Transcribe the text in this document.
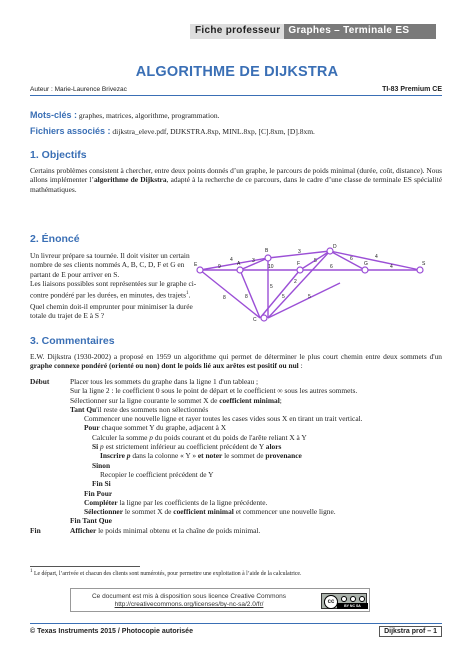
Fiche professeur Graphes – Terminale ES
ALGORITHME DE DIJKSTRA
Auteur : Marie-Laurence Brivezac	TI-83 Premium CE
Mots-clés : graphes, matrices, algorithme, programmation.
Fichiers associés : dijkstra_eleve.pdf, DIJKSTRA.8xp, MINL.8xp, [C].8xm, [D].8xm.
1. Objectifs
Certains problèmes consistent à chercher, entre deux points donnés d’un graphe, le parcours de poids minimal (durée, coût, distance). Nous allons implémenter l’algorithme de Dijkstra, adapté à la recherche de ce parcours, dans le cadre d’une classe de terminale ES spécialité mathématiques.
2. Énoncé

Un livreur prépare sa tournée. Il doit visiter un certain nombre de ses clients nommés A, B, C, D, F et G en partant de E pour arriver en S.

Les liaisons possibles sont représentées sur le graphe ci-contre pondéré par les durées, en minutes, des trajets$^1$.

Quel chemin doit-il emprunter pour minimiser la durée totale du trajet de E à S ?

E	A
B
C
D
F	G	S
4
9
8
3
3
10
8
5
5
2
5
6
6	4
4
5
3. Commentaires
E.W. Dijkstra (1930-2002) a proposé en 1959 un algorithme qui permet de déterminer le plus court chemin entre deux sommets d'un graphe connexe pondéré (orienté ou non) dont le poids lié aux arêtes est positif ou nul :
Début	Placer tous les sommets du graphe dans la ligne 1 d'un tableau ;
Sur la ligne 2 : le coefficient 0 sous le point de départ et le coefficient ∞ sous les autres sommets.
Sélectionner sur la ligne courante le sommet X de coefficient minimal;
Tant Qu'il reste des sommets non sélectionnés
Commencer une nouvelle ligne et rayer toutes les cases vides sous X en tirant un trait vertical.
Pour chaque sommet Y du graphe, adjacent à X
Calculer la somme p du poids courant et du poids de l'arête reliant X à Y
Si p est strictement inférieur au coefficient précédent de Y alors
Inscrire p dans la colonne « Y » et noter le sommet de provenance
Sinon
Recopier le coefficient précédent de Y
Fin Si
Fin Pour
Compléter la ligne par les coefficients de la ligne précédente.
Sélectionner le sommet X de coefficient minimal et commencer une nouvelle ligne.
Fin Tant Que
Fin	Afficher le poids minimal obtenu et la chaîne de poids minimal.
$^1$ Le départ, l’arrivée et chacun des clients sont numérotés, pour permettre une exploitation à l’aide de la calculatrice.
Ce document est mis à disposition sous licence Creative Commons
http://creativecommons.org/licenses/by-nc-sa/2.0/fr/	cc
BY NC SA
© Texas Instruments 2015 / Photocopie autorisée	Dijkstra prof – 1
